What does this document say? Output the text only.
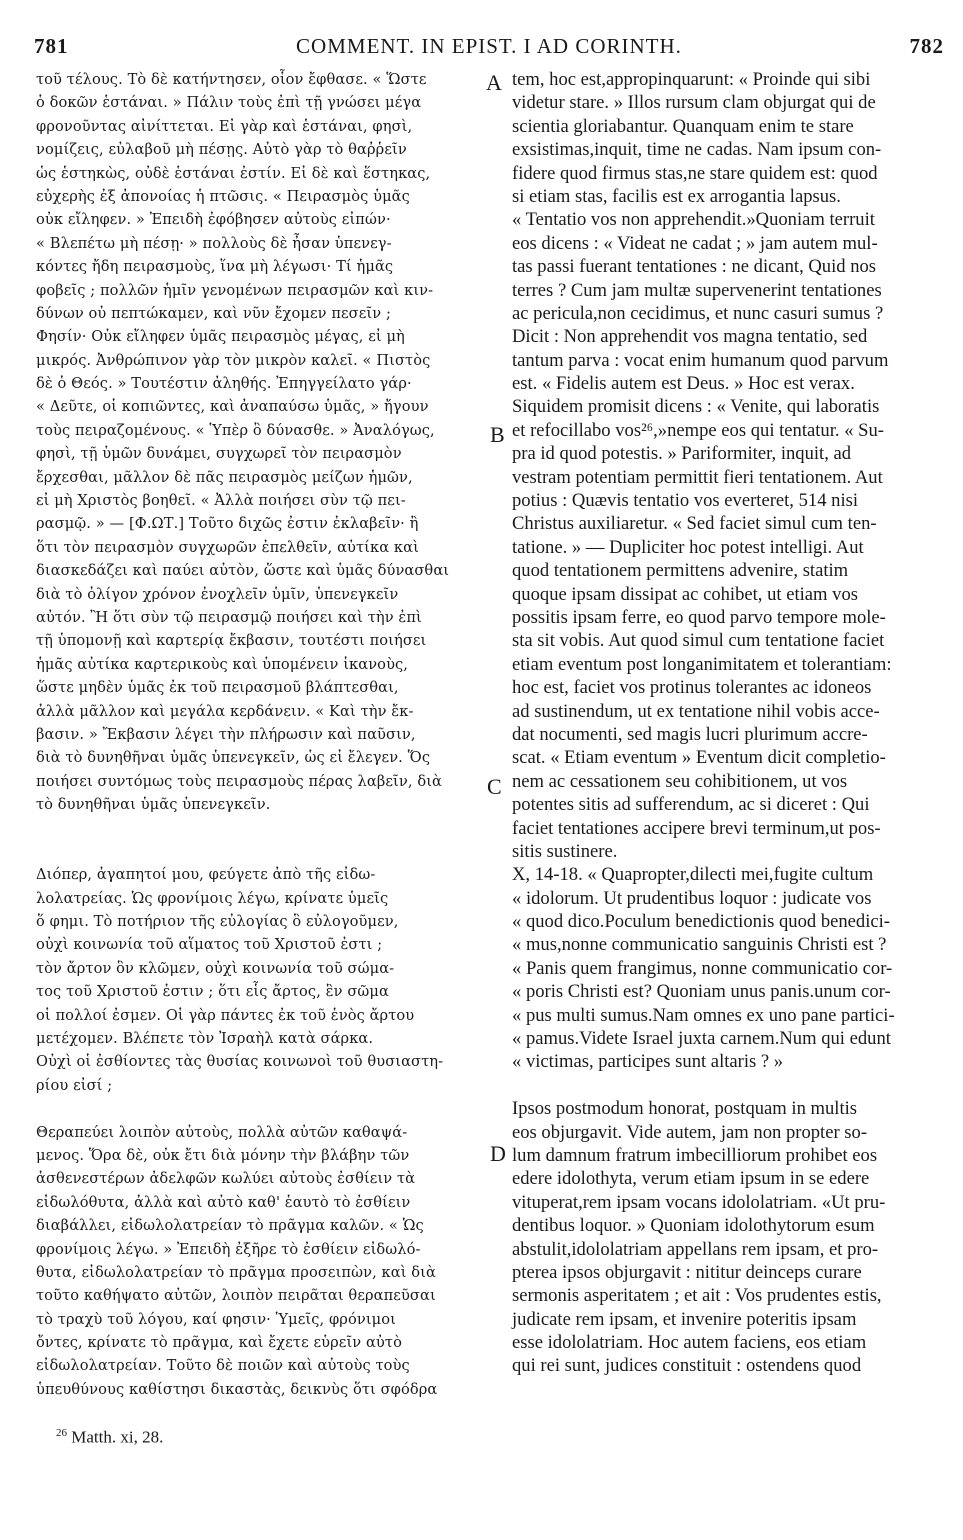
781	COMMENT. IN EPIST. I AD CORINTH.	782
A
B
C
D
τοῦ τέλους. Τὸ δὲ κατήντησεν, οἷον ἔφθασε. « Ὥστε
ὁ δοκῶν ἑστάναι. » Πάλιν τοὺς ἐπὶ τῇ γνώσει μέγα
φρονοῦντας αἰνίττεται. Εἰ γὰρ καὶ ἑστάναι, φησὶ,
νομίζεις, εὐλαβοῦ μὴ πέσῃς. Αὐτὸ γὰρ τὸ θαῤῥεῖν
ὡς ἑστηκὼς, οὐδὲ ἑστάναι ἐστίν. Εἰ δὲ καὶ ἕστηκας,
εὐχερὴς ἐξ ἀπονοίας ἡ πτῶσις. « Πειρασμὸς ὑμᾶς
οὐκ εἴληφεν. » Ἐπειδὴ ἐφόβησεν αὐτοὺς εἰπών·
« Βλεπέτω μὴ πέσῃ· » πολλοὺς δὲ ἦσαν ὑπενεγ-
κόντες ἤδη πειρασμοὺς, ἵνα μὴ λέγωσι· Τί ἡμᾶς
φοβεῖς ; πολλῶν ἡμῖν γενομένων πειρασμῶν καὶ κιν-
δύνων οὐ πεπτώκαμεν, καὶ νῦν ἔχομεν πεσεῖν ;
Φησίν· Οὐκ εἴληφεν ὑμᾶς πειρασμὸς μέγας, εἰ μὴ
μικρός. Ἀνθρώπινον γὰρ τὸν μικρὸν καλεῖ. « Πιστὸς
δὲ ὁ Θεός. » Τουτέστιν ἀληθής. Ἐπηγγείλατο γάρ·
« Δεῦτε, οἱ κοπιῶντες, καὶ ἀναπαύσω ὑμᾶς, » ἤγουν
τοὺς πειραζομένους. « Ὑπὲρ ὃ δύνασθε. » Ἀναλόγως,
φησὶ, τῇ ὑμῶν δυνάμει, συγχωρεῖ τὸν πειρασμὸν
ἔρχεσθαι, μᾶλλον δὲ πᾶς πειρασμὸς μείζων ἡμῶν,
εἰ μὴ Χριστὸς βοηθεῖ. « Ἀλλὰ ποιήσει σὺν τῷ πει-
ρασμῷ. » — [Φ.ΩΤ.] Τοῦτο διχῶς ἐστιν ἐκλαβεῖν· ἢ
ὅτι τὸν πειρασμὸν συγχωρῶν ἐπελθεῖν, αὐτίκα καὶ
διασκεδάζει καὶ παύει αὐτὸν, ὥστε καὶ ὑμᾶς δύνασθαι
διὰ τὸ ὀλίγον χρόνον ἐνοχλεῖν ὑμῖν, ὑπενεγκεῖν
αὐτόν. Ἢ ὅτι σὺν τῷ πειρασμῷ ποιήσει καὶ τὴν ἐπὶ
τῇ ὑπομονῇ καὶ καρτερίᾳ ἔκβασιν, τουτέστι ποιήσει
ἡμᾶς αὐτίκα καρτερικοὺς καὶ ὑπομένειν ἱκανοὺς,
ὥστε μηδὲν ὑμᾶς ἐκ τοῦ πειρασμοῦ βλάπτεσθαι,
ἀλλὰ μᾶλλον καὶ μεγάλα κερδάνειν. « Καὶ τὴν ἔκ-
βασιν. » Ἔκβασιν λέγει τὴν πλήρωσιν καὶ παῦσιν,
διὰ τὸ δυνηθῆναι ὑμᾶς ὑπενεγκεῖν, ὡς εἰ ἔλεγεν. Ὅς
ποιήσει συντόμως τοὺς πειρασμοὺς πέρας λαβεῖν, διὰ
τὸ δυνηθῆναι ὑμᾶς ὑπενεγκεῖν.
Διόπερ, ἀγαπητοί μου, φεύγετε ἀπὸ τῆς εἰδω-
λολατρείας. Ὡς φρονίμοις λέγω, κρίνατε ὑμεῖς
ὅ φημι. Τὸ ποτήριον τῆς εὐλογίας ὃ εὐλογοῦμεν,
οὐχὶ κοινωνία τοῦ αἵματος τοῦ Χριστοῦ ἐστι ;
τὸν ἄρτον ὃν κλῶμεν, οὐχὶ κοινωνία τοῦ σώμα-
τος τοῦ Χριστοῦ ἐστιν ; ὅτι εἷς ἄρτος, ἓν σῶμα
οἱ πολλοί ἐσμεν. Οἱ γὰρ πάντες ἐκ τοῦ ἑνὸς ἄρτου
μετέχομεν. Βλέπετε τὸν Ἰσραὴλ κατὰ σάρκα.
Οὐχὶ οἱ ἐσθίοντες τὰς θυσίας κοινωνοὶ τοῦ θυσιαστη-
ρίου εἰσί ;
Θεραπεύει λοιπὸν αὐτοὺς, πολλὰ αὐτῶν καθαψά-
μενος. Ὅρα δὲ, οὐκ ἔτι διὰ μόνην τὴν βλάβην τῶν
ἀσθενεστέρων ἀδελφῶν κωλύει αὐτοὺς ἐσθίειν τὰ
εἰδωλόθυτα, ἀλλὰ καὶ αὐτὸ καθ' ἑαυτὸ τὸ ἐσθίειν
διαβάλλει, εἰδωλολατρείαν τὸ πρᾶγμα καλῶν. « Ὡς
φρονίμοις λέγω. » Ἐπειδὴ ἐξῆρε τὸ ἐσθίειν εἰδωλό-
θυτα, εἰδωλολατρείαν τὸ πρᾶγμα προσειπὼν, καὶ διὰ
τοῦτο καθήψατο αὐτῶν, λοιπὸν πειρᾶται θεραπεῦσαι
τὸ τραχὺ τοῦ λόγου, καί φησιν· Ὑμεῖς, φρόνιμοι
ὄντες, κρίνατε τὸ πρᾶγμα, καὶ ἔχετε εὑρεῖν αὐτὸ
εἰδωλολατρείαν. Τοῦτο δὲ ποιῶν καὶ αὐτοὺς τοὺς
ὑπευθύνους καθίστησι δικαστὰς, δεικνὺς ὅτι σφόδρα
tem, hoc est,appropinquarunt: « Proinde qui sibi
videtur stare. » Illos rursum clam objurgat qui de
scientia gloriabantur. Quanquam enim te stare
exsistimas,inquit, time ne cadas. Nam ipsum con-
fidere quod firmus stas,ne stare quidem est: quod
si etiam stas, facilis est ex arrogantia lapsus.
« Tentatio vos non apprehendit.»Quoniam terruit
eos dicens : « Videat ne cadat ; » jam autem mul-
tas passi fuerant tentationes : ne dicant, Quid nos
terres ? Cum jam multæ supervenerint tentationes
ac pericula,non cecidimus, et nunc casuri sumus ?
Dicit : Non apprehendit vos magna tentatio, sed
tantum parva : vocat enim humanum quod parvum
est. « Fidelis autem est Deus. » Hoc est verax.
Siquidem promisit dicens : « Venite, qui laboratis
et refocillabo vos²⁶,»nempe eos qui tentatur. « Su-
pra id quod potestis. » Pariformiter, inquit, ad
vestram potentiam permittit fieri tentationem. Aut
potius : Quævis tentatio vos everteret, 514 nisi
Christus auxiliaretur. « Sed faciet simul cum ten-
tatione. » — Dupliciter hoc potest intelligi. Aut
quod tentationem permittens advenire, statim
quoque ipsam dissipat ac cohibet, ut etiam vos
possitis ipsam ferre, eo quod parvo tempore mole-
sta sit vobis. Aut quod simul cum tentatione faciet
etiam eventum post longanimitatem et tolerantiam:
hoc est, faciet vos protinus tolerantes ac idoneos
ad sustinendum, ut ex tentatione nihil vobis acce-
dat nocumenti, sed magis lucri plurimum accre-
scat. « Etiam eventum » Eventum dicit completio-
nem ac cessationem seu cohibitionem, ut vos
potentes sitis ad sufferendum, ac si diceret : Qui
faciet tentationes accipere brevi terminum,ut pos-
sitis sustinere.
X, 14-18. « Quapropter,dilecti mei,fugite cultum
« idolorum. Ut prudentibus loquor : judicate vos
« quod dico.Poculum benedictionis quod benedici-
« mus,nonne communicatio sanguinis Christi est ?
« Panis quem frangimus, nonne communicatio cor-
« poris Christi est? Quoniam unus panis.unum cor-
« pus multi sumus.Nam omnes ex uno pane partici-
« pamus.Videte Israel juxta carnem.Num qui edunt
« victimas, participes sunt altaris ? »
Ipsos postmodum honorat, postquam in multis
eos objurgavit. Vide autem, jam non propter so-
lum damnum fratrum imbecilliorum prohibet eos
edere idolothyta, verum etiam ipsum in se edere
vituperat,rem ipsam vocans idololatriam. «Ut pru-
dentibus loquor. » Quoniam idolothytorum esum
abstulit,idololatriam appellans rem ipsam, et pro-
pterea ipsos objurgavit : nititur deinceps curare
sermonis asperitatem ; et ait : Vos prudentes estis,
judicate rem ipsam, et invenire poteritis ipsam
esse idololatriam. Hoc autem faciens, eos etiam
qui rei sunt, judices constituit : ostendens quod
$^{26}$ Matth. xi, 28.
